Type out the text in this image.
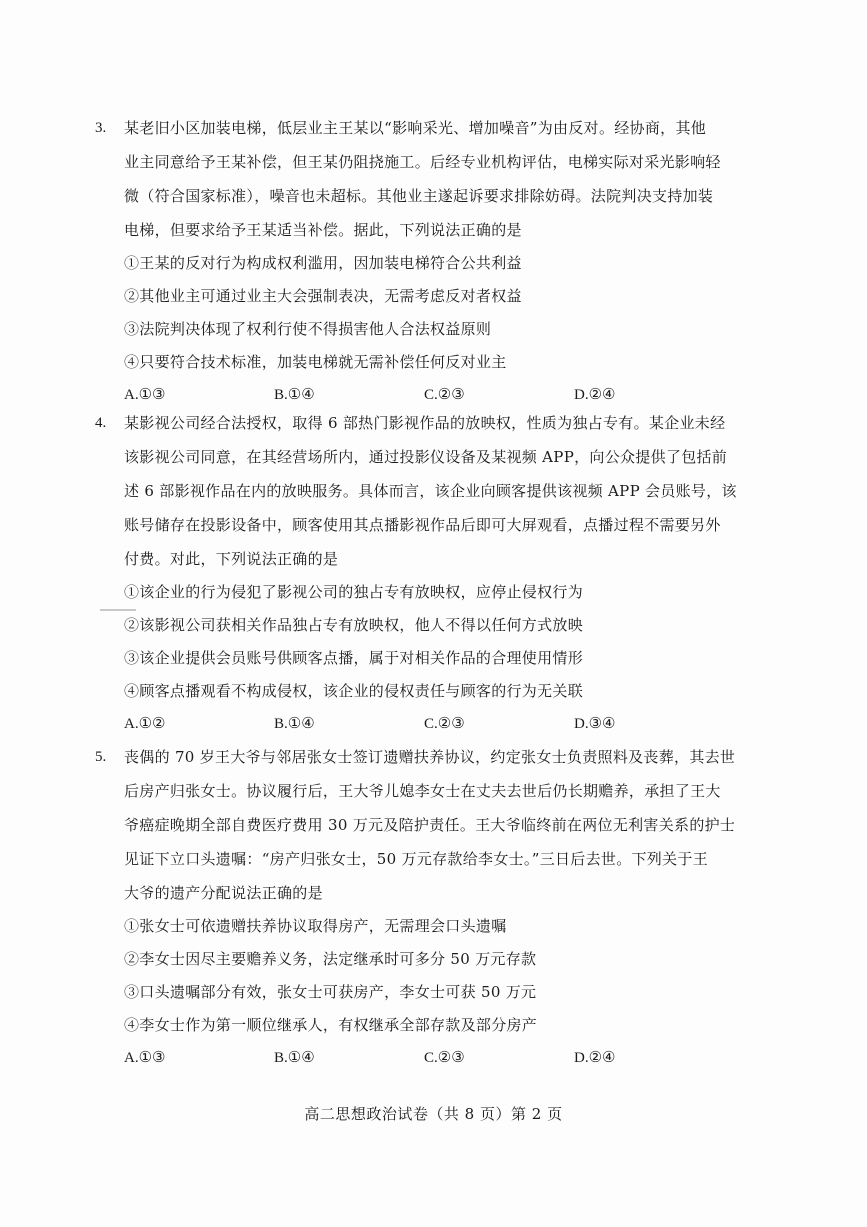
3. 某老旧小区加装电梯，低层业主王某以“影响采光、增加噪音”为由反对。经协商，其他
业主同意给予王某补偿，但王某仍阻挠施工。后经专业机构评估，电梯实际对采光影响轻
微（符合国家标准），噪音也未超标。其他业主遂起诉要求排除妨碍。法院判决支持加装
电梯，但要求给予王某适当补偿。据此，下列说法正确的是
①王某的反对行为构成权利滥用，因加装电梯符合公共利益
②其他业主可通过业主大会强制表决，无需考虑反对者权益
③法院判决体现了权利行使不得损害他人合法权益原则
④只要符合技术标准，加装电梯就无需补偿任何反对业主
A.①③	B.①④	C.②③	D.②④
4. 某影视公司经合法授权，取得 6 部热门影视作品的放映权，性质为独占专有。某企业未经
该影视公司同意，在其经营场所内，通过投影仪设备及某视频 APP，向公众提供了包括前
述 6 部影视作品在内的放映服务。具体而言，该企业向顾客提供该视频 APP 会员账号，该
账号储存在投影设备中，顾客使用其点播影视作品后即可大屏观看，点播过程不需要另外
付费。对此，下列说法正确的是
①该企业的行为侵犯了影视公司的独占专有放映权，应停止侵权行为
②该影视公司获相关作品独占专有放映权，他人不得以任何方式放映
③该企业提供会员账号供顾客点播，属于对相关作品的合理使用情形
④顾客点播观看不构成侵权，该企业的侵权责任与顾客的行为无关联
A.①②	B.①④	C.②③	D.③④
5. 丧偶的 70 岁王大爷与邻居张女士签订遗赠扶养协议，约定张女士负责照料及丧葬，其去世
后房产归张女士。协议履行后，王大爷儿媳李女士在丈夫去世后仍长期赡养，承担了王大
爷癌症晚期全部自费医疗费用 30 万元及陪护责任。王大爷临终前在两位无利害关系的护士
见证下立口头遗嘱：“房产归张女士，50 万元存款给李女士。”三日后去世。下列关于王
大爷的遗产分配说法正确的是
①张女士可依遗赠扶养协议取得房产，无需理会口头遗嘱
②李女士因尽主要赡养义务，法定继承时可多分 50 万元存款
③口头遗嘱部分有效，张女士可获房产，李女士可获 50 万元
④李女士作为第一顺位继承人，有权继承全部存款及部分房产
A.①③	B.①④	C.②③	D.②④
高二思想政治试卷（共 8 页）第 2 页
